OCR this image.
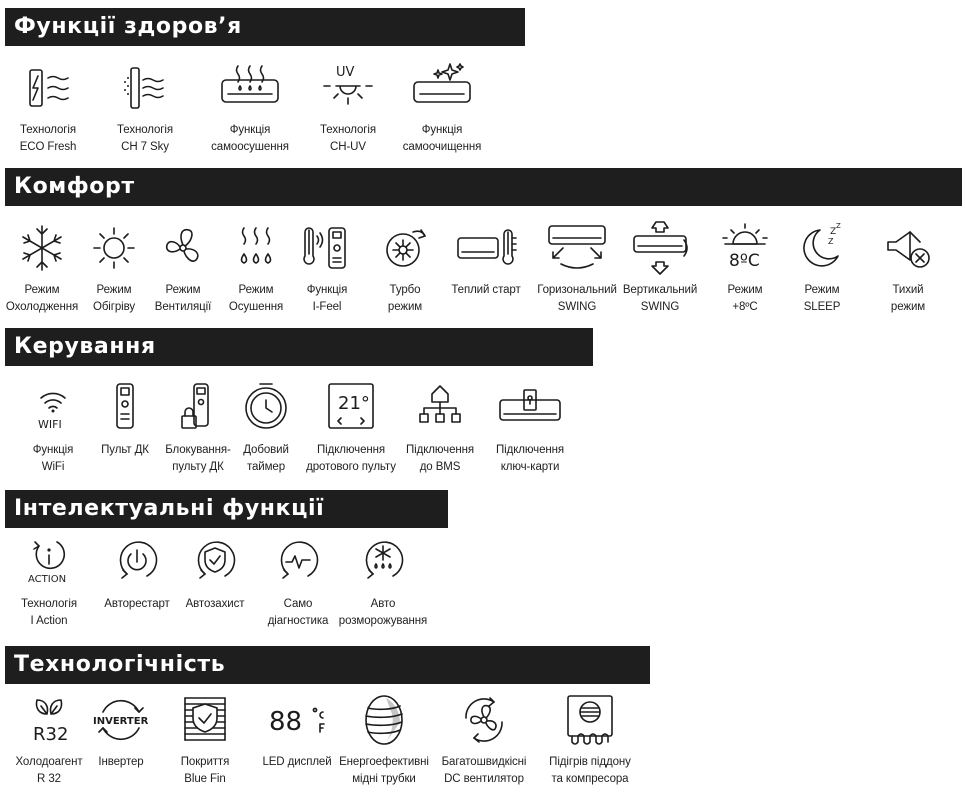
Функції здоров’я
Технологія
ECO Fresh
Технологія
CH 7 Sky
Функція
самоосушення
UV
Технологія
CH-UV
Функція
самоочищення
Комфорт
Режим
Охолодження
Режим
Обігріву
Режим
Вентиляції
Режим
Осушення
Функція
I-Feel
Турбо
режим
Теплий старт	Горизональний
SWING
Вертикальний
SWING
8ºC
Режим
+8ºC
Z
Z
Z
Режим
SLEEP
Тихий
режим
Керування
WIFI
Функція
WiFi
Пульт ДК	Блокування-
пульту ДК
Добовий
таймер
21°
Підключення
дротового пульту
Підключення
до BMS
Підключення
ключ-карти
Інтелектуальні функції
ACTION
Технологія
I Action
Авторестарт	Автозахист	Само
діагностика
Авто
розморожування
Технологічність
R32
Холодоагент
R 32
INVERTER
Інвертер	Покриття
Blue Fin
88
LED дисплей Енергоефективні
мідні трубки
Багатошвидкісні
DC вентилятор
Підігрів піддону
та компресора
